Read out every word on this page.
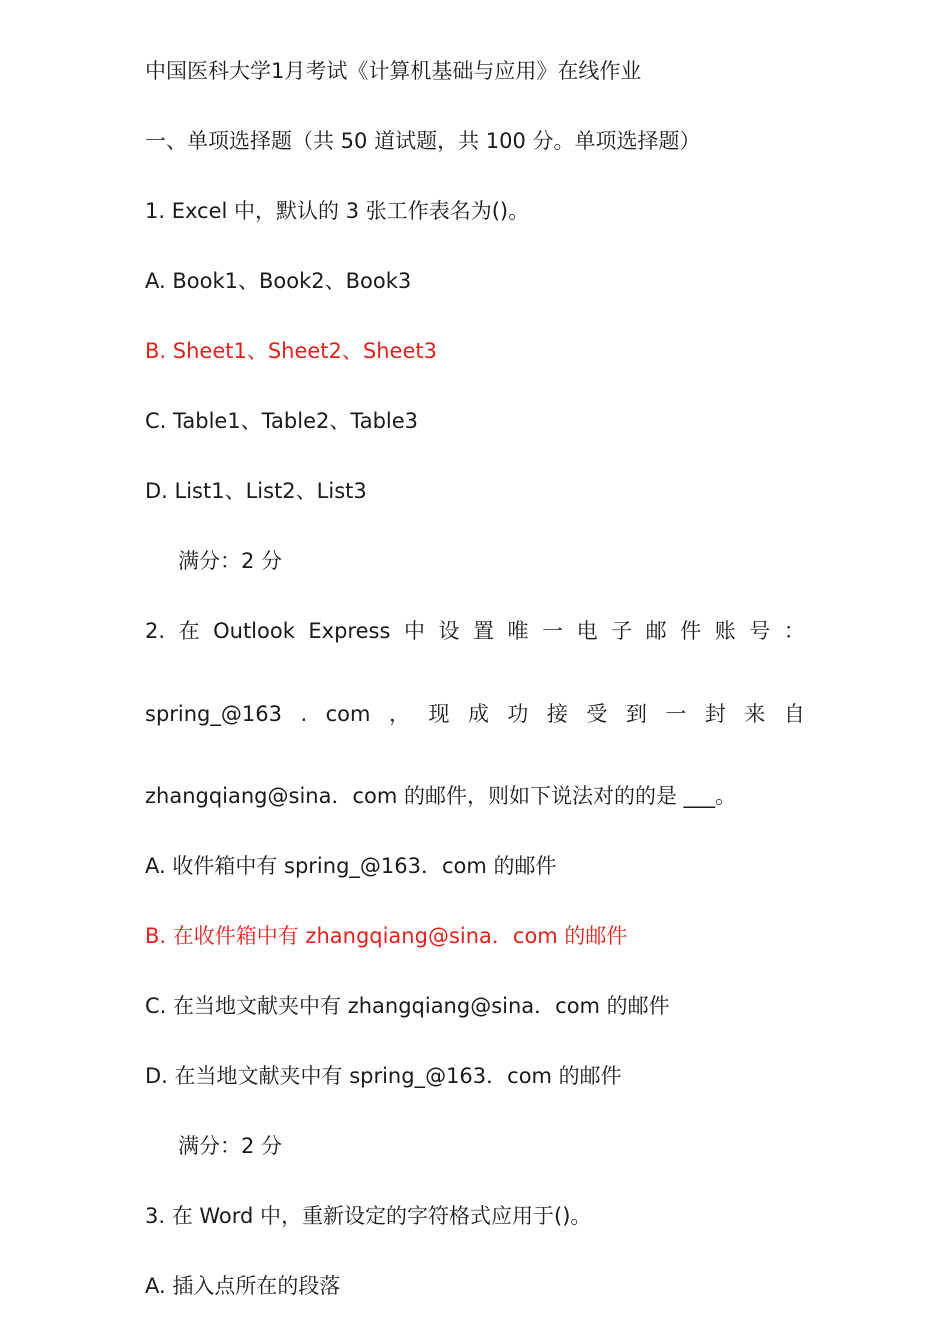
中国医科大学1月考试《计算机基础与应用》在线作业
一、单项选择题（共 50 道试题，共 100 分。单项选择题）
1. Excel 中，默认的 3 张工作表名为()。
A. Book1、Book2、Book3
B. Sheet1、Sheet2、Sheet3
C. Table1、Table2、Table3
D. List1、List2、List3
满分：2 分
2. 在 Outlook Express 中 设 置 唯 一 电 子 邮 件 账 号 ：
spring_@163 . com ， 现 成 功 接 受 到 一 封 来 自
zhangqiang@sina．com 的邮件，则如下说法对的的是 ___。
A. 收件箱中有 spring_@163．com 的邮件
B. 在收件箱中有 zhangqiang@sina．com 的邮件
C. 在当地文献夹中有 zhangqiang@sina．com 的邮件
D. 在当地文献夹中有 spring_@163．com 的邮件
满分：2 分
3. 在 Word 中，重新设定的字符格式应用于()。
A. 插入点所在的段落
